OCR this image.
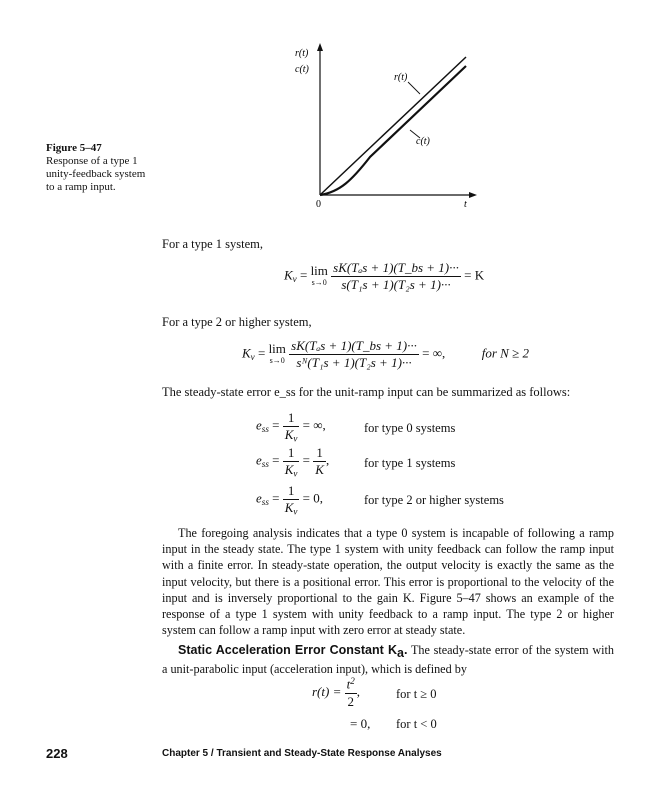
Figure 5–47
Response of a type 1 unity-feedback system to a ramp input.
r(t)
c(t)
r(t)
c(t)
0	t
For a type 1 system,
$K_v = \lim$
s→0
$\frac{\text{sK(Tₐs + 1)(T\_bs + 1)···}}{\text{s(T₁s + 1)(T₂s + 1)···}} = K$
For a type 2 or higher system,
$K_v = \lim$
s→0
$\frac{\text{sK(Tₐs + 1)(T\_bs + 1)···}}{\text{sᴺ(T₁s + 1)(T₂s + 1)···}}$ = ∞,	for N ≥ 2
The steady-state error e_ss for the unit-ramp input can be summarized as follows:
$e_{ss} = \frac{1}{K_v}$ = ∞,	for type 0 systems
$e_{ss} = \frac{1}{K_v} = \frac{1}{K}$ ,	for type 1 systems
$e_{ss} = \frac{1}{K_v} = 0$,	for type 2 or higher systems
The foregoing analysis indicates that a type 0 system is incapable of following a ramp input in the steady state. The type 1 system with unity feedback can follow the ramp input with a finite error. In steady-state operation, the output velocity is exactly the same as the input velocity, but there is a positional error. This error is proportional to the velocity of the input and is inversely proportional to the gain K. Figure 5–47 shows an example of the response of a type 1 system with unity feedback to a ramp input. The type 2 or higher system can follow a ramp input with zero error at steady state.
Static Acceleration Error Constant Ka. The steady-state error of the system with a unit-parabolic input (acceleration input), which is defined by
$r(t) = \frac{t^2}{2}$ ,	for t ≥ 0
= 0, for t < 0
228	Chapter 5 / Transient and Steady-State Response Analyses
